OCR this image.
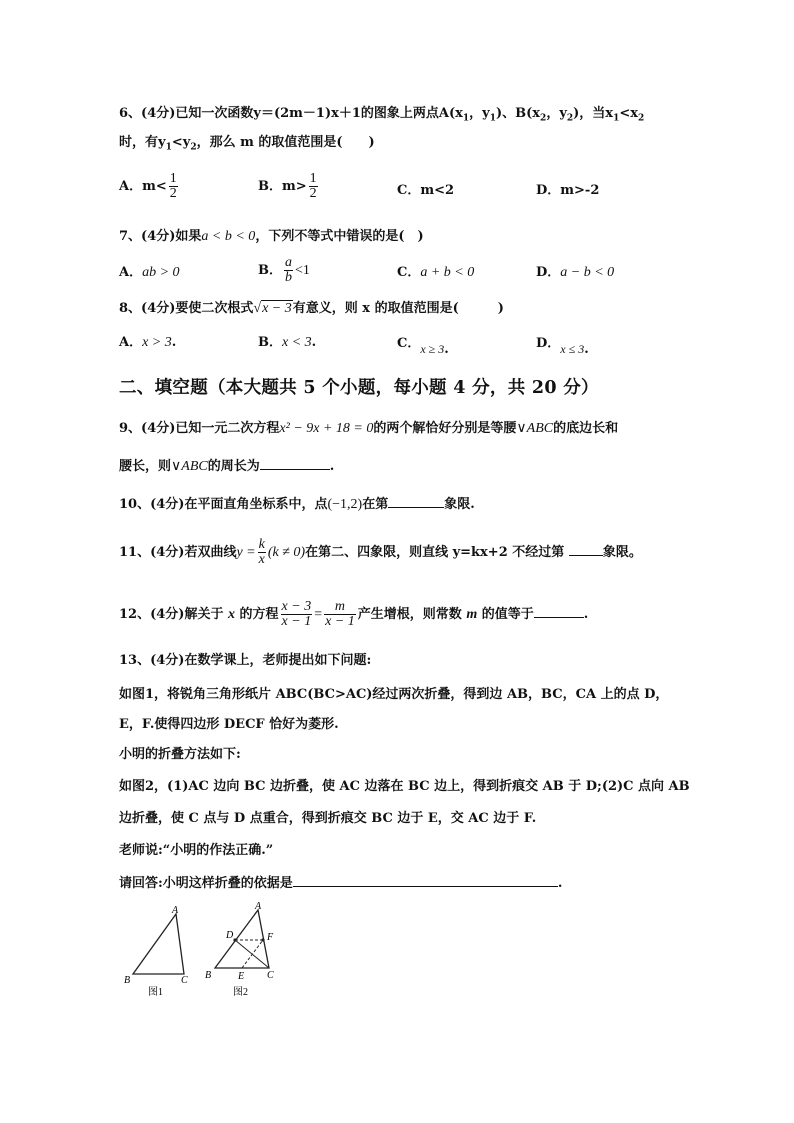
6、(4分)已知一次函数y＝(2m－1)x＋1的图象上两点$A(x_1$，$y_1$)、$B(x_2$，$y_2$)，当$x_1<x_2$
时，有$y_1<y_2$，那么 m 的取值范围是(　　)
A．$m< \frac{1}{2}$	B．$m> \frac{1}{2}$	C．m<2	D．m>-2
7、(4分)如果a < b < 0，下列不等式中错误的是(　)
A．ab > 0	B． $\frac{a}{b} <1$	C．a + b < 0	D．a − b < 0
8、(4分)要使二次根式√x − 3有意义，则 x 的取值范围是(　　　)
A．x > 3.	B．x < 3.	C．x ≥ 3.	D．x ≤ 3.
二、填空题（本大题共 5 个小题，每小题 4 分，共 20 分）
9、(4分)已知一元二次方程x² − 9x + 18 = 0的两个解恰好分别是等腰∨ABC的底边长和
腰长，则∨ABC的周长为	.
10、(4分)在平面直角坐标系中，点(−1,2)在第	象限.
11、(4分)若双曲线$y = \frac{k}{x} (k \ne 0)$在第二、四象限，则直线 y=kx+2 不经过第	象限。
12、(4分)解关于 x 的方程 $\frac{x - 3}{x - 1} = \frac{m}{x - 1}$ 产生增根，则常数 m 的值等于	.
13、(4分)在数学课上，老师提出如下问题:
如图1，将锐角三角形纸片 ABC(BC>AC)经过两次折叠，得到边 AB，BC，CA 上的点 D，
E，F.使得四边形 DECF 恰好为菱形.
小明的折叠方法如下:
如图2，(1)AC 边向 BC 边折叠，使 AC 边落在 BC 边上，得到折痕交 AB 于 D;(2)C 点向 AB
边折叠，使 C 点与 D 点重合，得到折痕交 BC 边于 E，交 AC 边于 F.
老师说:“小明的作法正确.”
请回答:小明这样折叠的依据是	.
A
B	C
图1
A
D	F
B	E C
图2
